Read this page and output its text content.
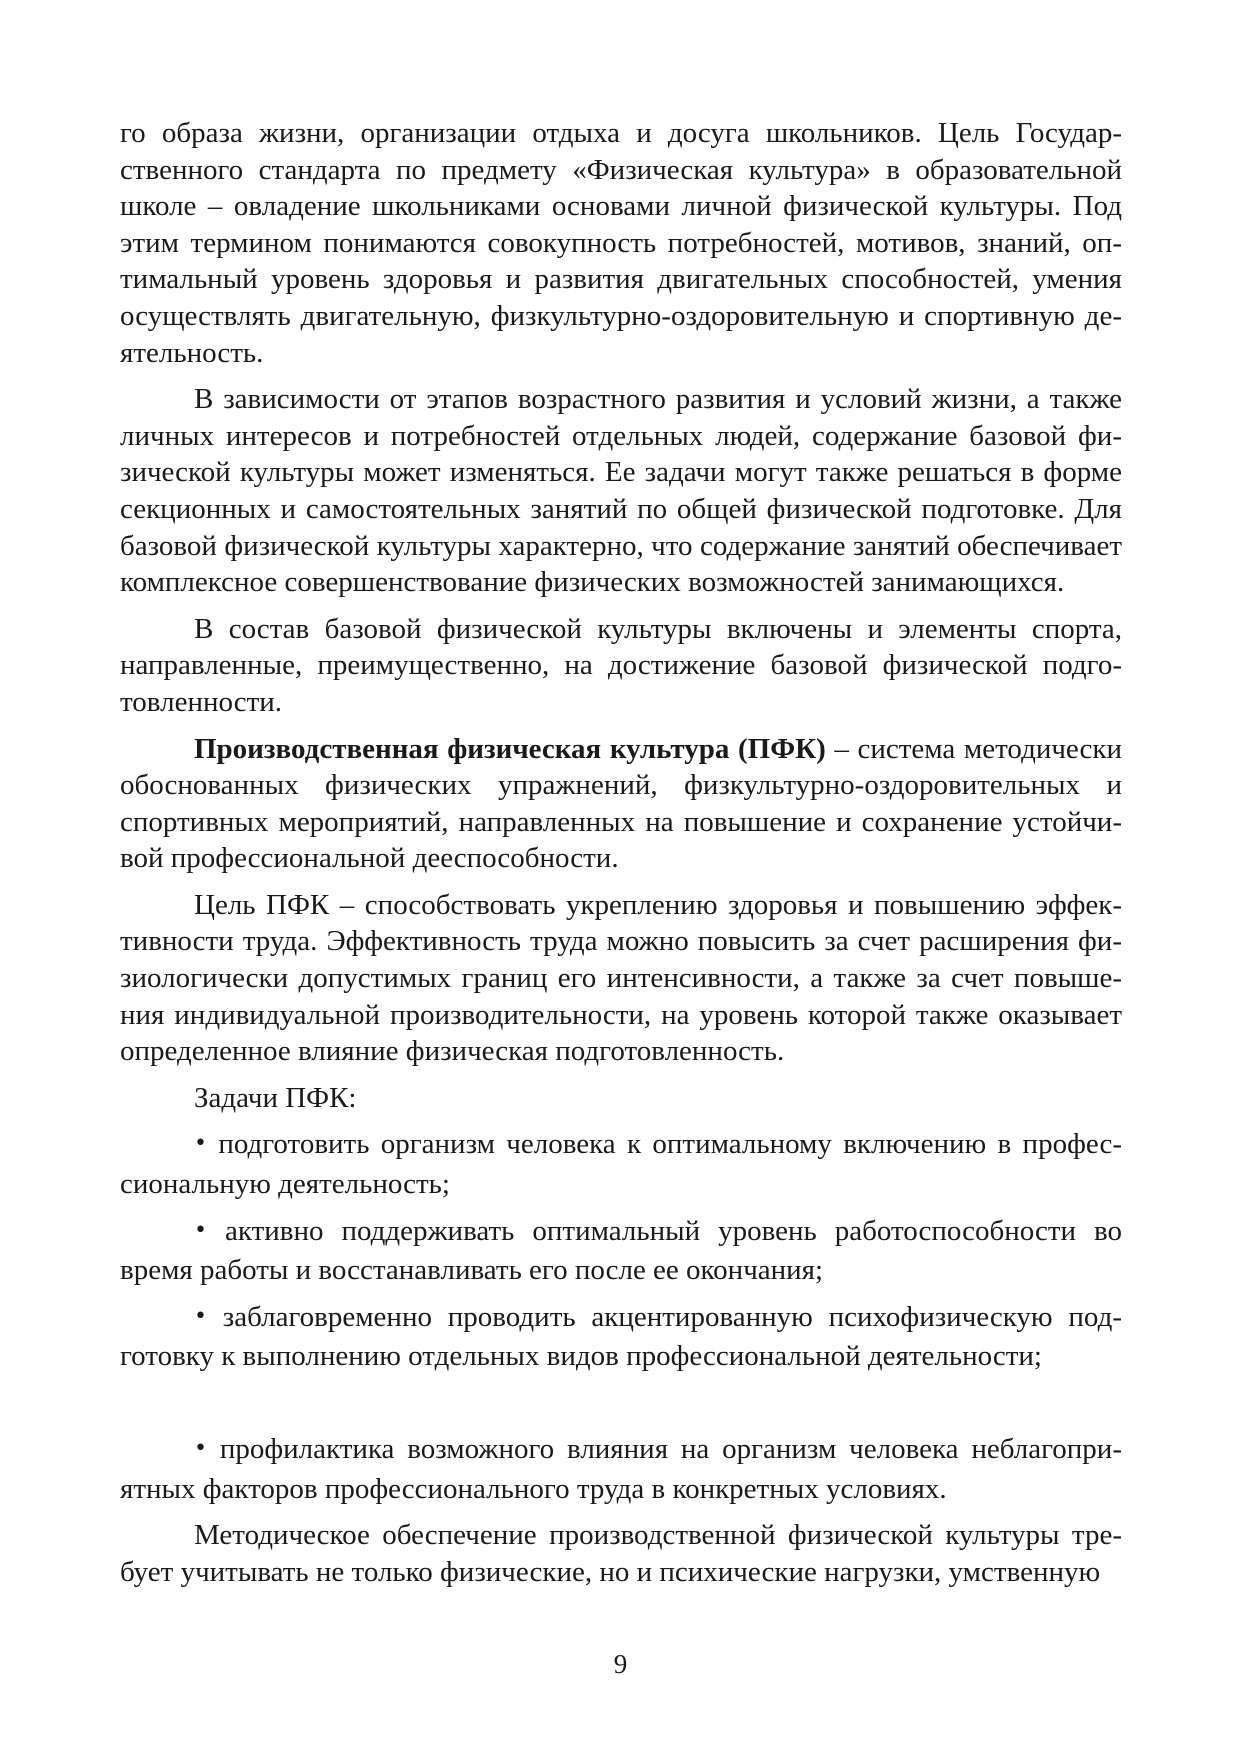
го образа жизни, организации отдыха и досуга школьников. Цель Государственного стандарта по предмету «Физическая культура» в образовательной школе – овладение школьниками основами личной физической культуры. Под этим термином понимаются совокупность потребностей, мотивов, знаний, оптимальный уровень здоровья и развития двигательных способностей, умения осуществлять двигательную, физкультурно-оздоровительную и спортивную деятельность.

В зависимости от этапов возрастного развития и условий жизни, а также личных интересов и потребностей отдельных людей, содержание базовой физической культуры может изменяться. Ее задачи могут также решаться в форме секционных и самостоятельных занятий по общей физической подготовке. Для базовой физической культуры характерно, что содержание занятий обеспечивает комплексное совершенствование физических возможностей занимающихся.

В состав базовой физической культуры включены и элементы спорта, направленные, преимущественно, на достижение базовой физической подготовленности.

Производственная физическая культура (ПФК) – система методически обоснованных физических упражнений, физкультурно-оздоровительных и спортивных мероприятий, направленных на повышение и сохранение устойчивой профессиональной дееспособности.

Цель ПФК – способствовать укреплению здоровья и повышению эффективности труда. Эффективность труда можно повысить за счет расширения физиологически допустимых границ его интенсивности, а также за счет повышения индивидуальной производительности, на уровень которой также оказывает определенное влияние физическая подготовленность.

Задачи ПФК:

• подготовить организм человека к оптимальному включению в профессиональную деятельность;

• активно поддерживать оптимальный уровень работоспособности во время работы и восстанавливать его после ее окончания;

• заблаговременно проводить акцентированную психофизическую подготовку к выполнению отдельных видов профессиональной деятельности;

• профилактика возможного влияния на организм человека неблагоприятных факторов профессионального труда в конкретных условиях.

Методическое обеспечение производственной физической культуры требует учитывать не только физические, но и психические нагрузки, умственную

9
